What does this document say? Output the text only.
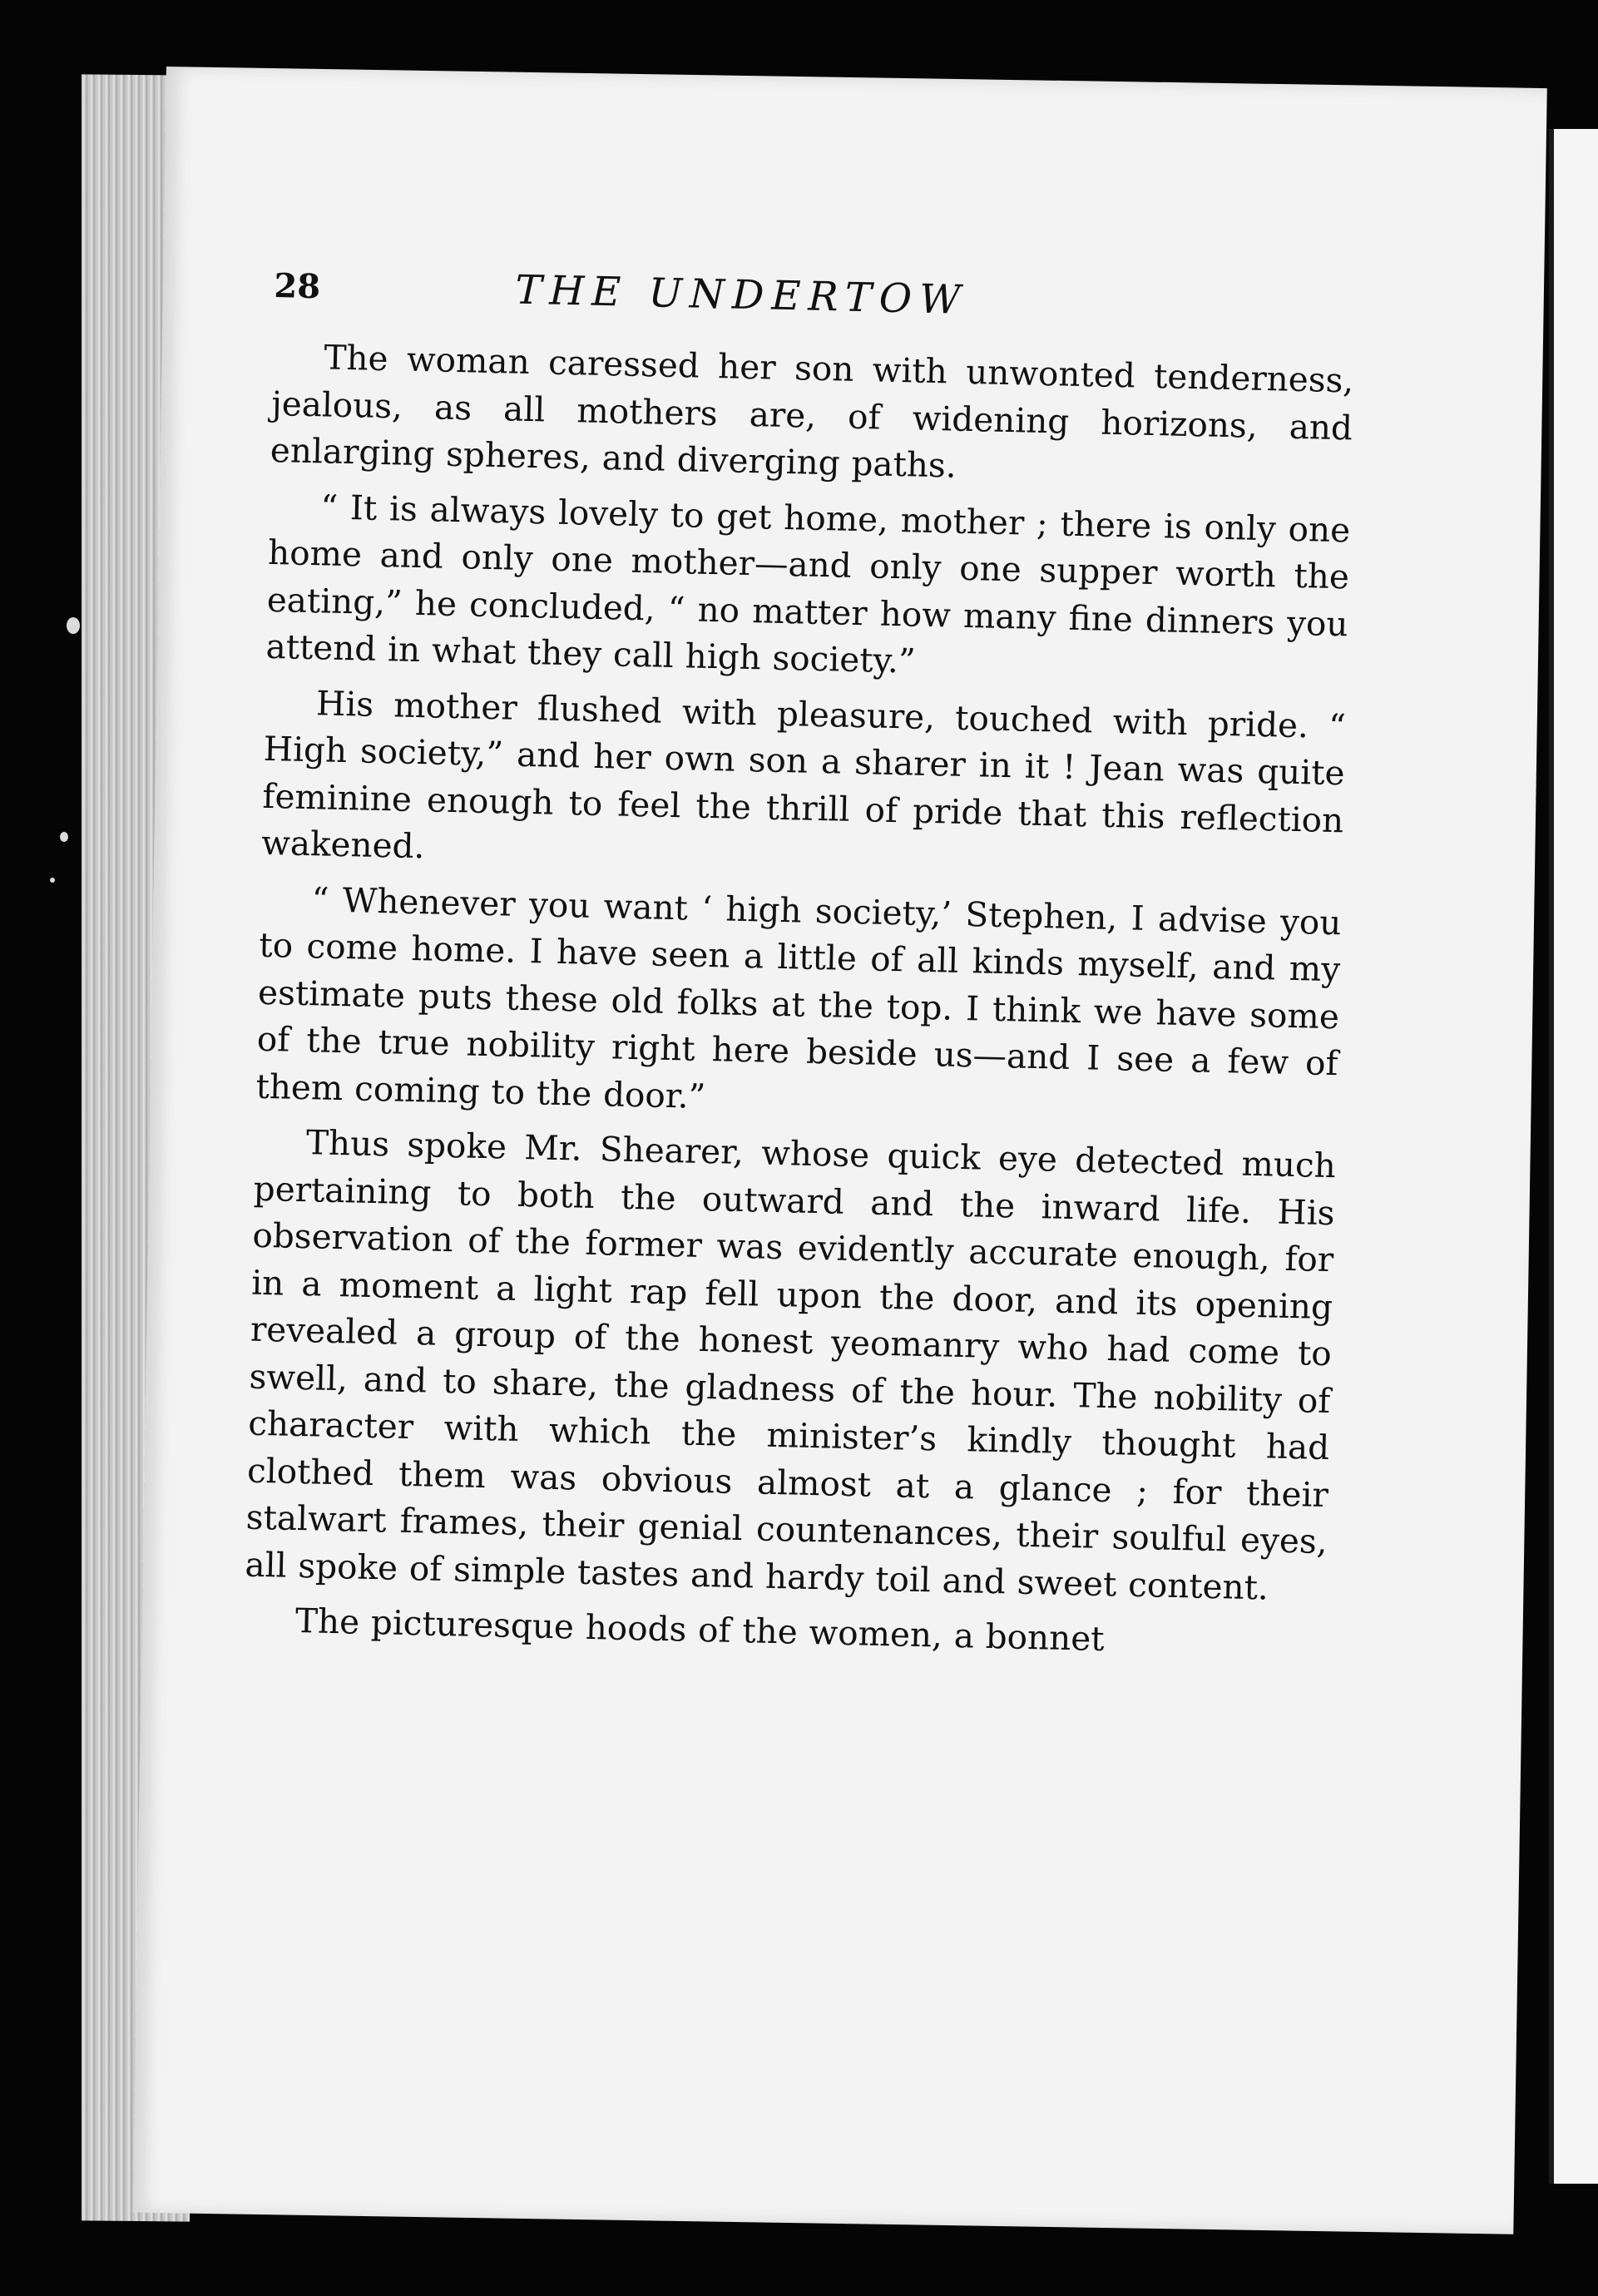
28	THE UNDERTOW

The woman caressed her son with unwonted tenderness, jealous, as all mothers are, of widening horizons, and enlarging spheres, and diverging paths.

“ It is always lovely to get home, mother ; there is only one home and only one mother—and only one supper worth the eating,” he concluded, “ no matter how many fine dinners you attend in what they call high society.”

His mother flushed with pleasure, touched with pride. “ High society,” and her own son a sharer in it ! Jean was quite feminine enough to feel the thrill of pride that this reflection wakened.

“ Whenever you want ‘ high society,’ Stephen, I advise you to come home. I have seen a little of all kinds myself, and my estimate puts these old folks at the top. I think we have some of the true nobility right here beside us—and I see a few of them coming to the door.”

Thus spoke Mr. Shearer, whose quick eye detected much pertaining to both the outward and the inward life. His observation of the former was evidently accurate enough, for in a moment a light rap fell upon the door, and its opening revealed a group of the honest yeomanry who had come to swell, and to share, the gladness of the hour. The nobility of character with which the minister’s kindly thought had clothed them was obvious almost at a glance ; for their stalwart frames, their genial countenances, their soulful eyes, all spoke of simple tastes and hardy toil and sweet content.

The picturesque hoods of the women, a bonnet
